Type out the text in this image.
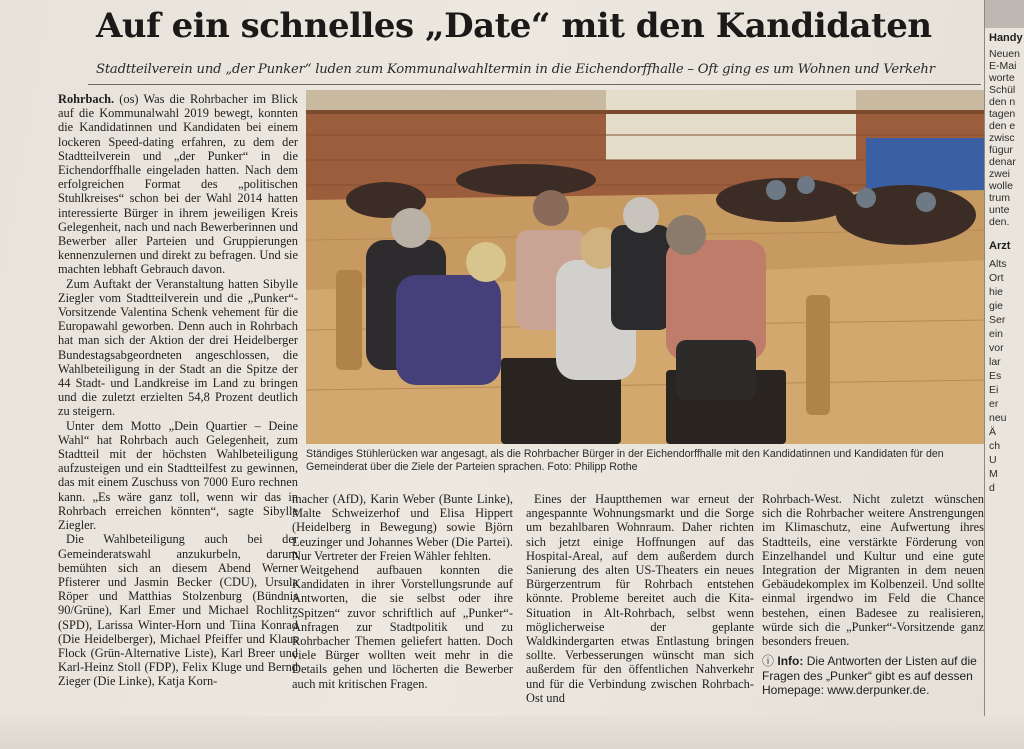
Auf ein schnelles „Date“ mit den Kandidaten
Stadtteilverein und „der Punker“ luden zum Kommunalwahltermin in die Eichendorffhalle – Oft ging es um Wohnen und Verkehr

Rohrbach. (os) Was die Rohrbacher im Blick auf die Kommunalwahl 2019 bewegt, konnten die Kandidatinnen und Kandidaten bei einem lockeren Speed-dating erfahren, zu dem der Stadtteilverein und „der Punker“ in die Eichendorffhalle eingeladen hatten. Nach dem erfolgreichen Format des „politischen Stuhlkreises“ schon bei der Wahl 2014 hatten interessierte Bürger in ihrem jeweiligen Kreis Gelegenheit, nach und nach Bewerberinnen und Bewerber aller Parteien und Gruppierungen kennenzulernen und direkt zu befragen. Und sie machten lebhaft Gebrauch davon.

Zum Auftakt der Veranstaltung hatten Sibylle Ziegler vom Stadtteilverein und die „Punker“-Vorsitzende Valentina Schenk vehement für die Europawahl geworben. Denn auch in Rohrbach hat man sich der Aktion der drei Heidelberger Bundestagsabgeordneten angeschlossen, die Wahlbeteiligung in der Stadt an die Spitze der 44 Stadt- und Landkreise im Land zu bringen und die zuletzt erzielten 54,8 Prozent deutlich zu steigern.

Unter dem Motto „Dein Quartier – Deine Wahl“ hat Rohrbach auch Gelegenheit, zum Stadtteil mit der höchsten Wahlbeteiligung aufzusteigen und ein Stadtteilfest zu gewinnen, das mit einem Zuschuss von 7000 Euro rechnen kann. „Es wäre ganz toll, wenn wir das in Rohrbach erreichen könnten“, sagte Sibylle Ziegler.

Die Wahlbeteiligung auch bei der Gemeinderatswahl anzukurbeln, darum bemühten sich an diesem Abend Werner Pfisterer und Jasmin Becker (CDU), Ursula Röper und Matthias Stolzenburg (Bündnis 90/Grüne), Karl Emer und Michael Rochlitz (SPD), Larissa Winter-Horn und Tiina Konrad (Die Heidelberger), Michael Pfeiffer und Klaus Flock (Grün-Alternative Liste), Karl Breer und Karl-Heinz Stoll (FDP), Felix Kluge und Bernd Zieger (Die Linke), Katja Korn-

Ständiges Stühlerücken war angesagt, als die Rohrbacher Bürger in der Eichendorffhalle mit den Kandidatinnen und Kandidaten für den Gemeinderat über die Ziele der Parteien sprachen. Foto: Philipp Rothe

macher (AfD), Karin Weber (Bunte Linke), Malte Schweizerhof und Elisa Hippert (Heidelberg in Bewegung) sowie Björn Leuzinger und Johannes Weber (Die Partei). Nur Vertreter der Freien Wähler fehlten.

Weitgehend aufbauen konnten die Kandidaten in ihrer Vorstellungsrunde auf Antworten, die sie selbst oder ihre „Spitzen“ zuvor schriftlich auf „Punker“-Anfragen zur Stadtpolitik und zu Rohrbacher Themen geliefert hatten. Doch viele Bürger wollten weit mehr in die Details gehen und löcherten die Bewerber auch mit kritischen Fragen.

Eines der Hauptthemen war erneut der angespannte Wohnungsmarkt und die Sorge um bezahlbaren Wohnraum. Daher richten sich jetzt einige Hoffnungen auf das Hospital-Areal, auf dem außerdem durch Sanierung des alten US-Theaters ein neues Bürgerzentrum für Rohrbach entstehen könnte. Probleme bereitet auch die Kita-Situation in Alt-Rohrbach, selbst wenn möglicherweise der geplante Waldkindergarten etwas Entlastung bringen sollte. Verbesserungen wünscht man sich außerdem für den öffentlichen Nahverkehr und für die Verbindung zwischen Rohrbach-Ost und

Rohrbach-West. Nicht zuletzt wünschen sich die Rohrbacher weitere Anstrengungen im Klimaschutz, eine Aufwertung ihres Stadtteils, eine verstärkte Förderung von Einzelhandel und Kultur und eine gute Integration der Migranten in dem neuen Gebäudekomplex im Kolbenzeil. Und sollte einmal irgendwo im Feld die Chance bestehen, einen Badesee zu realisieren, würde sich die „Punker“-Vorsitzende ganz besonders freuen.

ⓘ Info: Die Antworten der Listen auf die Fragen des „Punker“ gibt es auf dessen Homepage: www.derpunker.de.
Handy
Neuen
E-Mai
worte
Schül
den n
tagen
den e
zwisc
fügur
denar
zwei
wolle
trum
unte
den.
Arzt
Alts
Ort
hie
gie
Ser
ein
vor
lar
Es
Ei
er
neu
Ä
ch
U
M
d
